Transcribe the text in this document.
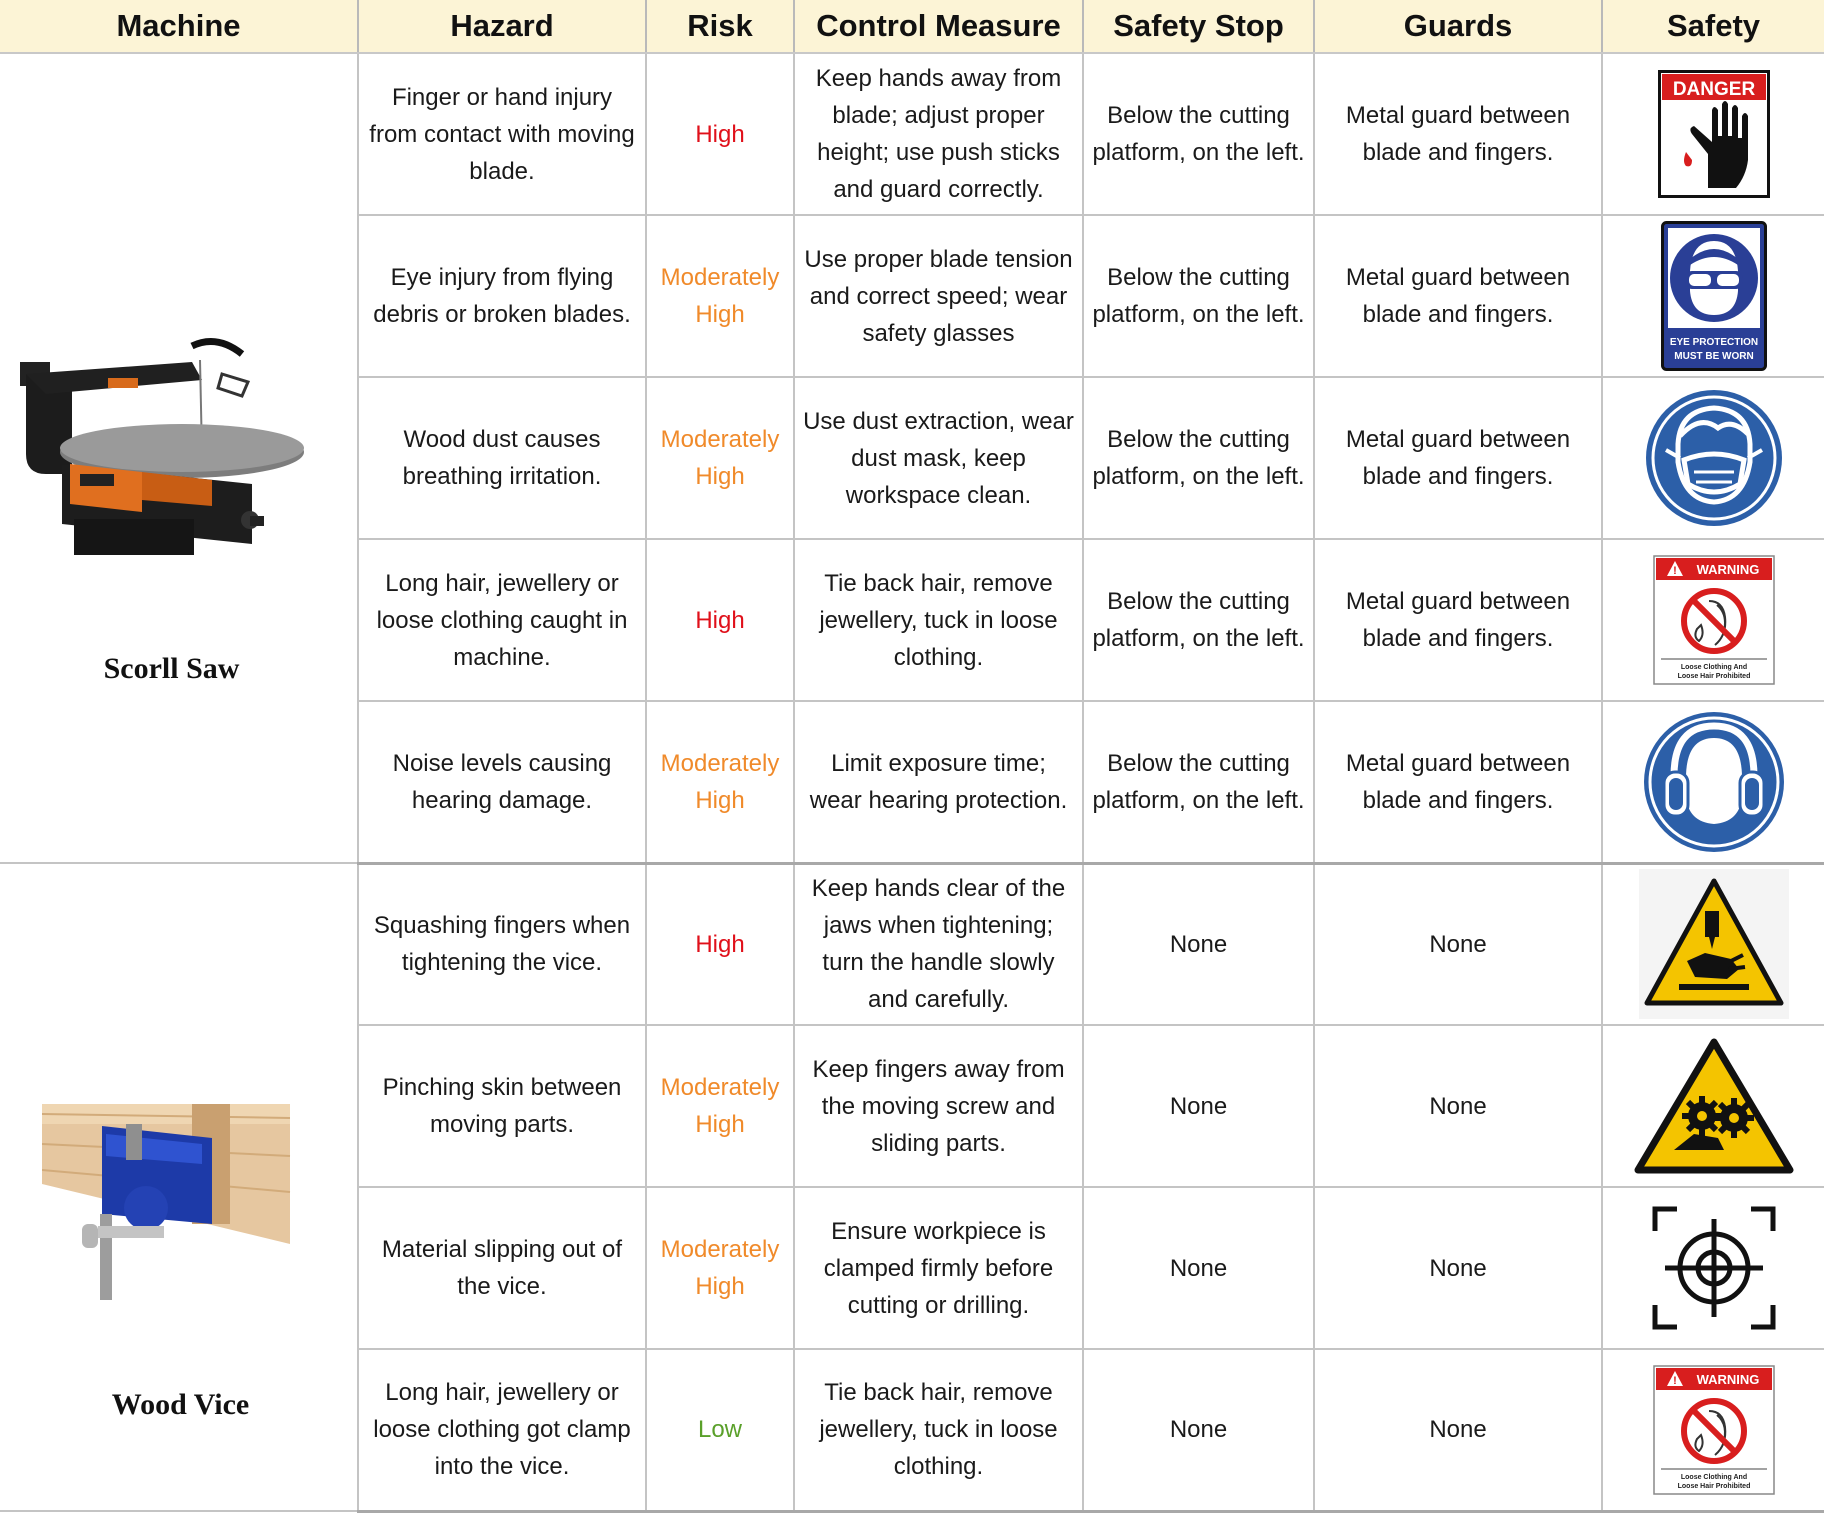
Machine	Hazard	Risk	Control Measure	Safety Stop	Guards	Safety

Scorll Saw	Finger or hand injury from contact with moving blade.	High	Keep hands away from blade; adjust proper height; use push sticks and guard correctly.	Below the cutting platform, on the left.	Metal guard between blade and fingers.	DANGER

	Eye injury from flying debris or broken blades.	Moderately High	Use proper blade tension and correct speed; wear safety glasses	Below the cutting platform, on the left.	Metal guard between blade and fingers.	EYE PROTECTION
MUST BE WORN

	Wood dust causes breathing irritation.	Moderately High	Use dust extraction, wear dust mask, keep workspace clean.	Below the cutting platform, on the left.	Metal guard between blade and fingers.	

	Long hair, jewellery or loose clothing caught in machine.	High	Tie back hair, remove jewellery, tuck in loose clothing.	Below the cutting platform, on the left.	Metal guard between blade and fingers.	! WARNING
Loose Clothing And
Loose Hair Prohibited

	Noise levels causing hearing damage.	Moderately High	Limit exposure time; wear hearing protection.	Below the cutting platform, on the left.	Metal guard between blade and fingers.	

Wood Vice	Squashing fingers when tightening the vice.	High	Keep hands clear of the jaws when tightening; turn the handle slowly and carefully.	None	None	

	Pinching skin between moving parts.	Moderately High	Keep fingers away from the moving screw and sliding parts.	None	None	

	Material slipping out of the vice.	Moderately High	Ensure workpiece is clamped firmly before cutting or drilling.	None	None	

	Long hair, jewellery or loose clothing got clamp into the vice.	Low	Tie back hair, remove jewellery, tuck in loose clothing.	None	None	! WARNING
Loose Clothing And
Loose Hair Prohibited
